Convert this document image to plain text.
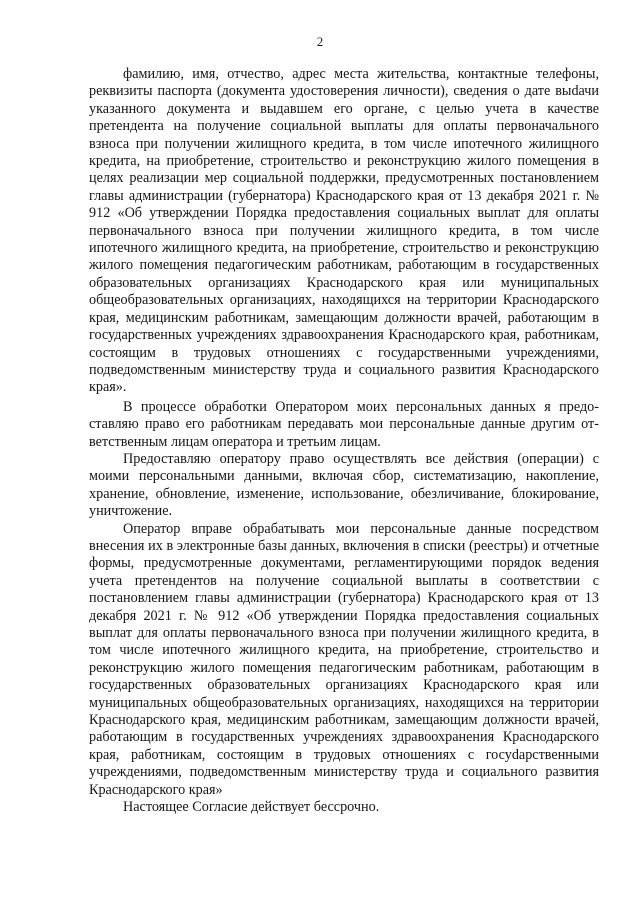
2

фамилию, имя, отчество, адрес места жительства, контактные телефоны, реквизиты паспорта (документа удостоверения личности), сведения о дате выdачи указанного документа и выдавшем его органе, с целью учета в качестве претендента на получение социальной выплаты для оплаты первоначального взноса при получении жилищного кредита, в том числе ипотечного жилищного кредита, на приобретение, строительство и реконструкцию жилого помещения в целях реализации мер социальной поддержки, предусмотренных постановлением главы администрации (губернатора) Краснодарского края от 13 декабря 2021 г. № 912 «Об утверждении Порядка предоставления социальных выплат для оплаты первоначального взноса при получении жилищного кредита, в том числе ипотечного жилищного кредита, на приобретение, строительство и реконструкцию жилого помещения педагогическим работникам, работающим в государственных образовательных организациях Краснодарского края или муниципальных общеобразовательных организациях, находящихся на территории Краснодарского края, медицинским работникам, замещающим должности врачей, работающим в государственных учреждениях здравоохранения Краснодарского края, работникам, состоящим в трудовых отношениях с государственными учреждениями, подведомственным министерству труда и социального развития Краснодарского края».

В процессе обработки Оператором моих персональных данных я предоставляю право его работникам передавать мои персональные данные другим ответственным лицам оператора и третьим лицам.

Предоставляю оператору право осуществлять все действия (операции) с моими персональными данными, включая сбор, систематизацию, накопление, хранение, обновление, изменение, использование, обезличивание, блокирование, уничтожение.

Оператор вправе обрабатывать мои персональные данные посредством внесения их в электронные базы данных, включения в списки (реестры) и отчетные формы, предусмотренные документами, регламентирующими порядок ведения учета претендентов на получение социальной выплаты в соответствии с постановлением главы администрации (губернатора) Краснодарского края от 13 декабря 2021 г. № 912 «Об утверждении Порядка предоставления социальных выплат для оплаты первоначального взноса при получении жилищного кредита, в том числе ипотечного жилищного кредита, на приобретение, строительство и реконструкцию жилого помещения педагогическим работникам, работающим в государственных образовательных организациях Краснодарского края или муниципальных общеобразовательных организациях, находящихся на территории Краснодарского края, медицинским работникам, замещающим должности врачей, работающим в государственных учреждениях здравоохранения Краснодарского края, работникам, состоящим в трудовых отношениях с госуdарственными учреждениями, подведомственным министерству труда и социального развития Краснодарского края»

Настоящее Согласие действует бессрочно.
